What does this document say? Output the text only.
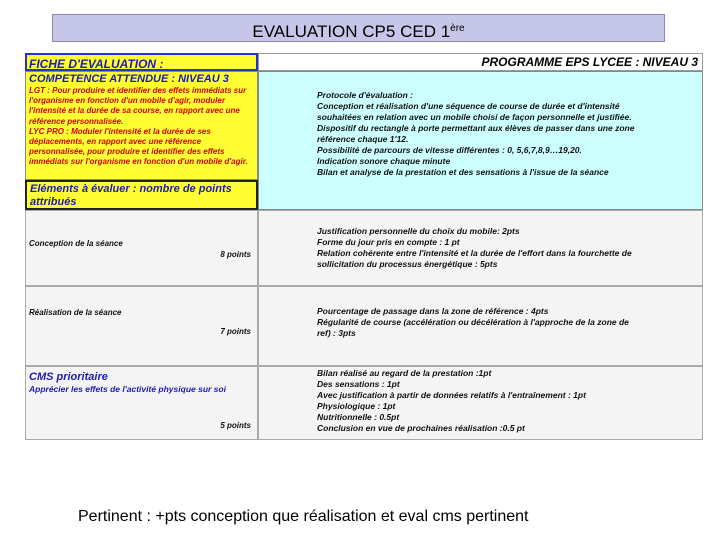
EVALUATION CP5 CED 1ère
FICHE D'EVALUATION :	PROGRAMME EPS LYCEE : NIVEAU 3
COMPETENCE ATTENDUE : NIVEAU 3
LGT : Pour produire et identifier des effets immédiats sur l'organisme en fonction d'un mobile d'agir, moduler l'intensité et la durée de sa course, en rapport avec une référence personnalisée.
LYC PRO : Moduler l'intensité et la durée de ses déplacements, en rapport avec une référence personnalisée, pour produire et identifier des effets immédiats sur l'organisme en fonction d'un mobile d'agir.
Protocole d'évaluation :
Conception et réalisation d'une séquence de course de durée et d'intensité
souhaitées en relation avec un mobile choisi de façon personnelle et justifiée.
Dispositif du rectangle à porte permettant aux élèves de passer dans une zone
référence chaque 1'12.
Possibilité de parcours de vitesse différentes : 0, 5,6,7,8,9…19,20.
Indication sonore chaque minute
Bilan et analyse de la prestation et des sensations à l'issue de la séance
Eléments à évaluer : nombre de points attribués
Conception de la séance
8 points
Justification personnelle du choix du mobile: 2pts
Forme du jour pris en compte : 1 pt
Relation cohérente entre l'intensité et la durée de l'effort dans la fourchette de
sollicitation du processus énergétique : 5pts
Réalisation de la séance
7 points
Pourcentage de passage dans la zone de référence : 4pts
Régularité de course (accélération ou décélération à l'approche de la zone de
ref) : 3pts
CMS prioritaire
Apprécier les effets de l'activité physique sur soi
5 points
Bilan réalisé au regard de la prestation :1pt
Des sensations : 1pt
Avec justification à partir de données relatifs à l'entraînement : 1pt
Physiologique : 1pt
Nutritionnelle : 0.5pt
Conclusion en vue de prochaines réalisation :0.5 pt
Pertinent : +pts conception que réalisation et eval cms pertinent
